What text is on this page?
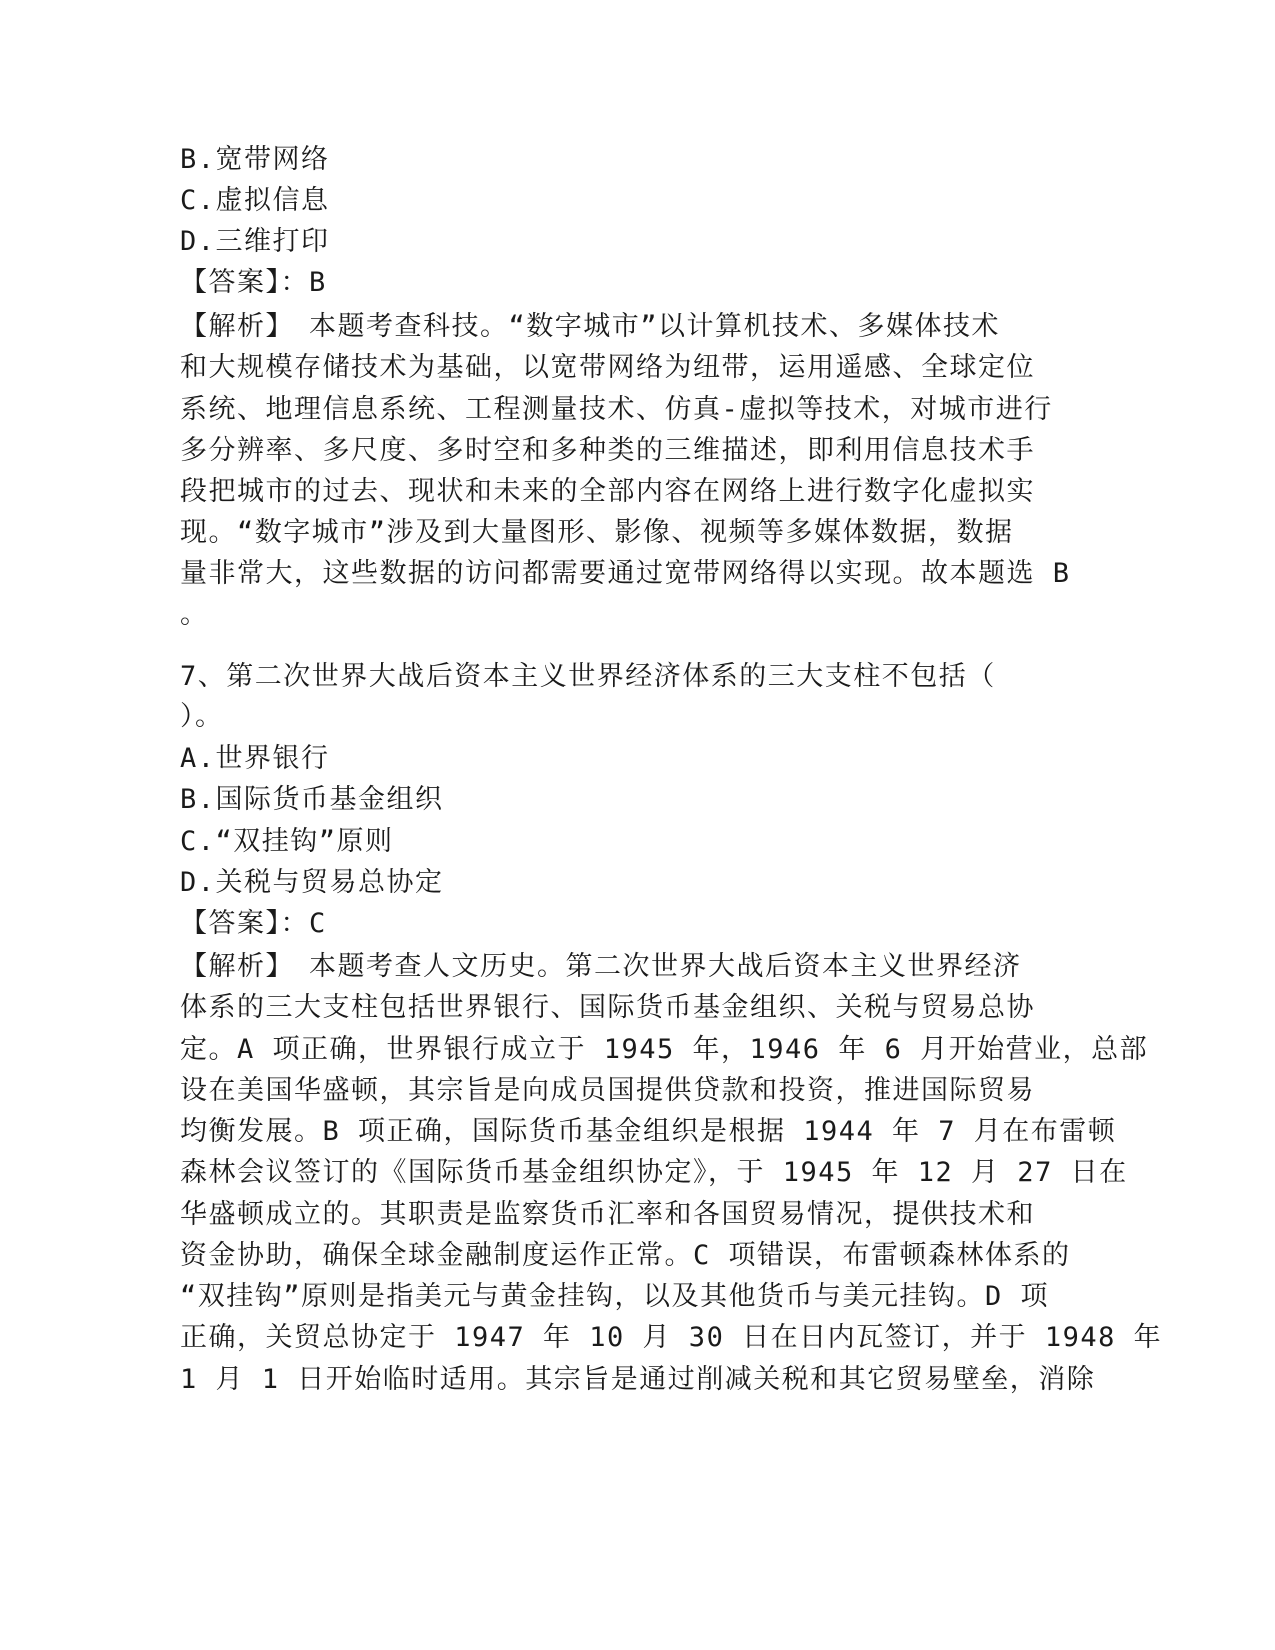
B.宽带网络
C.虚拟信息
D.三维打印
【答案】：B
【解析】　本题考查科技。“数字城市”以计算机技术、多媒体技术
和大规模存储技术为基础，以宽带网络为纽带，运用遥感、全球定位
系统、地理信息系统、工程测量技术、仿真-虚拟等技术，对城市进行
多分辨率、多尺度、多时空和多种类的三维描述，即利用信息技术手
段把城市的过去、现状和未来的全部内容在网络上进行数字化虚拟实
现。“数字城市”涉及到大量图形、影像、视频等多媒体数据，数据
量非常大，这些数据的访问都需要通过宽带网络得以实现。故本题选 B
。
7、第二次世界大战后资本主义世界经济体系的三大支柱不包括（
）。
A.世界银行
B.国际货币基金组织
C.“双挂钩”原则
D.关税与贸易总协定
【答案】：C
【解析】　本题考查人文历史。第二次世界大战后资本主义世界经济
体系的三大支柱包括世界银行、国际货币基金组织、关税与贸易总协
定。A 项正确，世界银行成立于 1945 年，1946 年 6 月开始营业，总部
设在美国华盛顿，其宗旨是向成员国提供贷款和投资，推进国际贸易
均衡发展。B 项正确，国际货币基金组织是根据 1944 年 7 月在布雷顿
森林会议签订的《国际货币基金组织协定》，于 1945 年 12 月 27 日在
华盛顿成立的。其职责是监察货币汇率和各国贸易情况，提供技术和
资金协助，确保全球金融制度运作正常。C 项错误，布雷顿森林体系的
“双挂钩”原则是指美元与黄金挂钩，以及其他货币与美元挂钩。D 项
正确，关贸总协定于 1947 年 10 月 30 日在日内瓦签订，并于 1948 年
1 月 1 日开始临时适用。其宗旨是通过削减关税和其它贸易壁垒，消除
